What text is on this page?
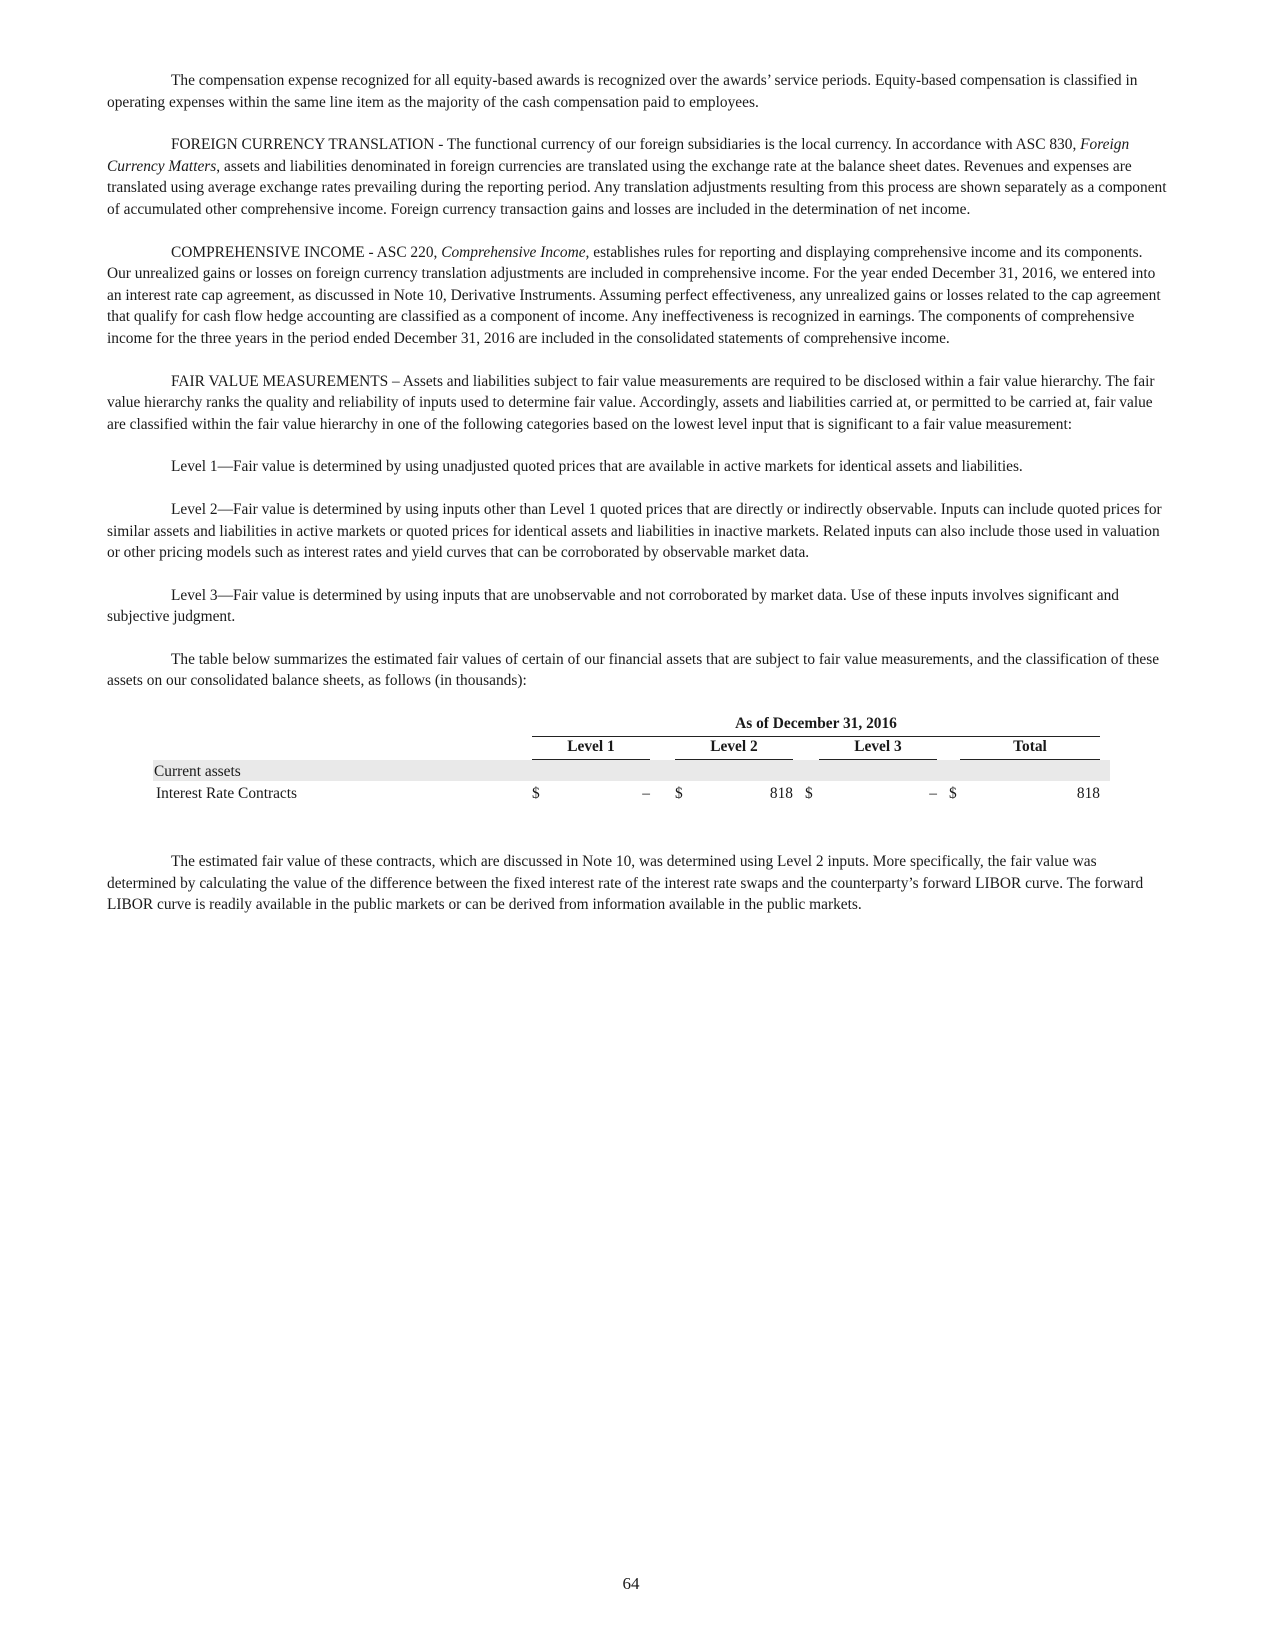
The compensation expense recognized for all equity-based awards is recognized over the awards’ service periods. Equity-based compensation is classified in operating expenses within the same line item as the majority of the cash compensation paid to employees.

FOREIGN CURRENCY TRANSLATION - The functional currency of our foreign subsidiaries is the local currency. In accordance with ASC 830, Foreign Currency Matters, assets and liabilities denominated in foreign currencies are translated using the exchange rate at the balance sheet dates. Revenues and expenses are translated using average exchange rates prevailing during the reporting period. Any translation adjustments resulting from this process are shown separately as a component of accumulated other comprehensive income. Foreign currency transaction gains and losses are included in the determination of net income.

COMPREHENSIVE INCOME - ASC 220, Comprehensive Income, establishes rules for reporting and displaying comprehensive income and its components. Our unrealized gains or losses on foreign currency translation adjustments are included in comprehensive income. For the year ended December 31, 2016, we entered into an interest rate cap agreement, as discussed in Note 10, Derivative Instruments. Assuming perfect effectiveness, any unrealized gains or losses related to the cap agreement that qualify for cash flow hedge accounting are classified as a component of income. Any ineffectiveness is recognized in earnings. The components of comprehensive income for the three years in the period ended December 31, 2016 are included in the consolidated statements of comprehensive income.

FAIR VALUE MEASUREMENTS – Assets and liabilities subject to fair value measurements are required to be disclosed within a fair value hierarchy. The fair value hierarchy ranks the quality and reliability of inputs used to determine fair value. Accordingly, assets and liabilities carried at, or permitted to be carried at, fair value are classified within the fair value hierarchy in one of the following categories based on the lowest level input that is significant to a fair value measurement:

Level 1—Fair value is determined by using unadjusted quoted prices that are available in active markets for identical assets and liabilities.

Level 2—Fair value is determined by using inputs other than Level 1 quoted prices that are directly or indirectly observable. Inputs can include quoted prices for similar assets and liabilities in active markets or quoted prices for identical assets and liabilities in inactive markets. Related inputs can also include those used in valuation or other pricing models such as interest rates and yield curves that can be corroborated by observable market data.

Level 3—Fair value is determined by using inputs that are unobservable and not corroborated by market data. Use of these inputs involves significant and subjective judgment.

The table below summarizes the estimated fair values of certain of our financial assets that are subject to fair value measurements, and the classification of these assets on our consolidated balance sheets, as follows (in thousands):

As of December 31, 2016
Level 1	Level 2	Level 3	Total
Current assets
Interest Rate Contracts	$	– $	818 $	– $	818

The estimated fair value of these contracts, which are discussed in Note 10, was determined using Level 2 inputs. More specifically, the fair value was determined by calculating the value of the difference between the fixed interest rate of the interest rate swaps and the counterparty’s forward LIBOR curve. The forward LIBOR curve is readily available in the public markets or can be derived from information available in the public markets.

64
